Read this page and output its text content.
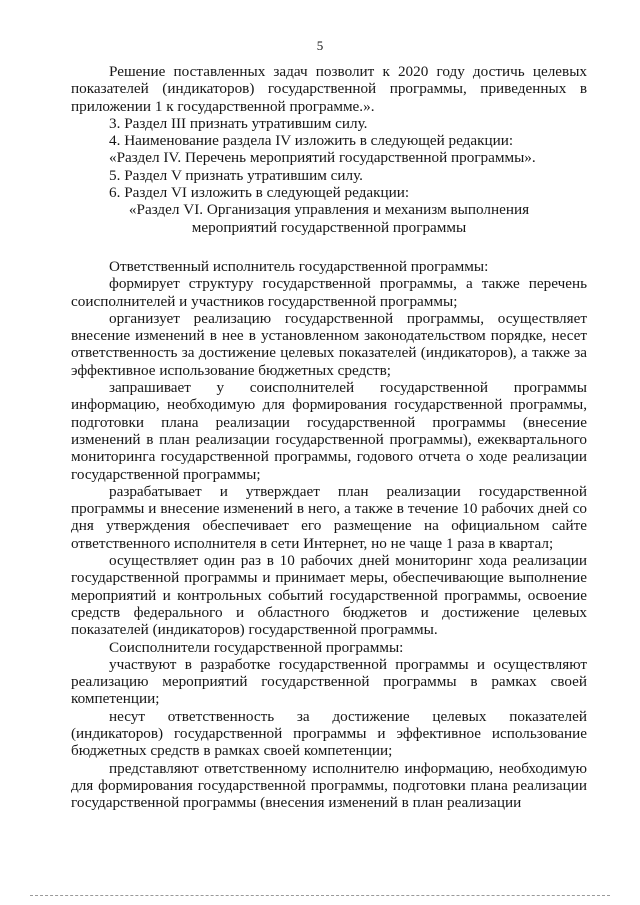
5

Решение поставленных задач позволит к 2020 году достичь целевых показателей (индикаторов) государственной программы, приведенных в приложении 1 к государственной программе.».

3. Раздел III признать утратившим силу.

4. Наименование раздела IV изложить в следующей редакции:

«Раздел IV. Перечень мероприятий государственной программы».

5. Раздел V признать утратившим силу.

6. Раздел VI изложить в следующей редакции:

«Раздел VI. Организация управления и механизм выполнения

мероприятий государственной программы

Ответственный исполнитель государственной программы:

формирует структуру государственной программы, а также перечень соисполнителей и участников государственной программы;

организует реализацию государственной программы, осуществляет внесение изменений в нее в установленном законодательством порядке, несет ответственность за достижение целевых показателей (индикаторов), а также за эффективное использование бюджетных средств;

запрашивает у соисполнителей государственной программы информацию, необходимую для формирования государственной программы, подготовки плана реализации государственной программы (внесение изменений в план реализации государственной программы), ежеквартального мониторинга государственной программы, годового отчета о ходе реализации государственной программы;

разрабатывает и утверждает план реализации государственной программы и внесение изменений в него, а также в течение 10 рабочих дней со дня утверждения обеспечивает его размещение на официальном сайте ответственного исполнителя в сети Интернет, но не чаще 1 раза в квартал;

осуществляет один раз в 10 рабочих дней мониторинг хода реализации государственной программы и принимает меры, обеспечивающие выполнение мероприятий и контрольных событий государственной программы, освоение средств федерального и областного бюджетов и достижение целевых показателей (индикаторов) государственной программы.

Соисполнители государственной программы:

участвуют в разработке государственной программы и осуществляют реализацию мероприятий государственной программы в рамках своей компетенции;

несут ответственность за достижение целевых показателей (индикаторов) государственной программы и эффективное использование бюджетных средств в рамках своей компетенции;

представляют ответственному исполнителю информацию, необходимую для формирования государственной программы, подготовки плана реализации государственной программы (внесения изменений в план реализации
